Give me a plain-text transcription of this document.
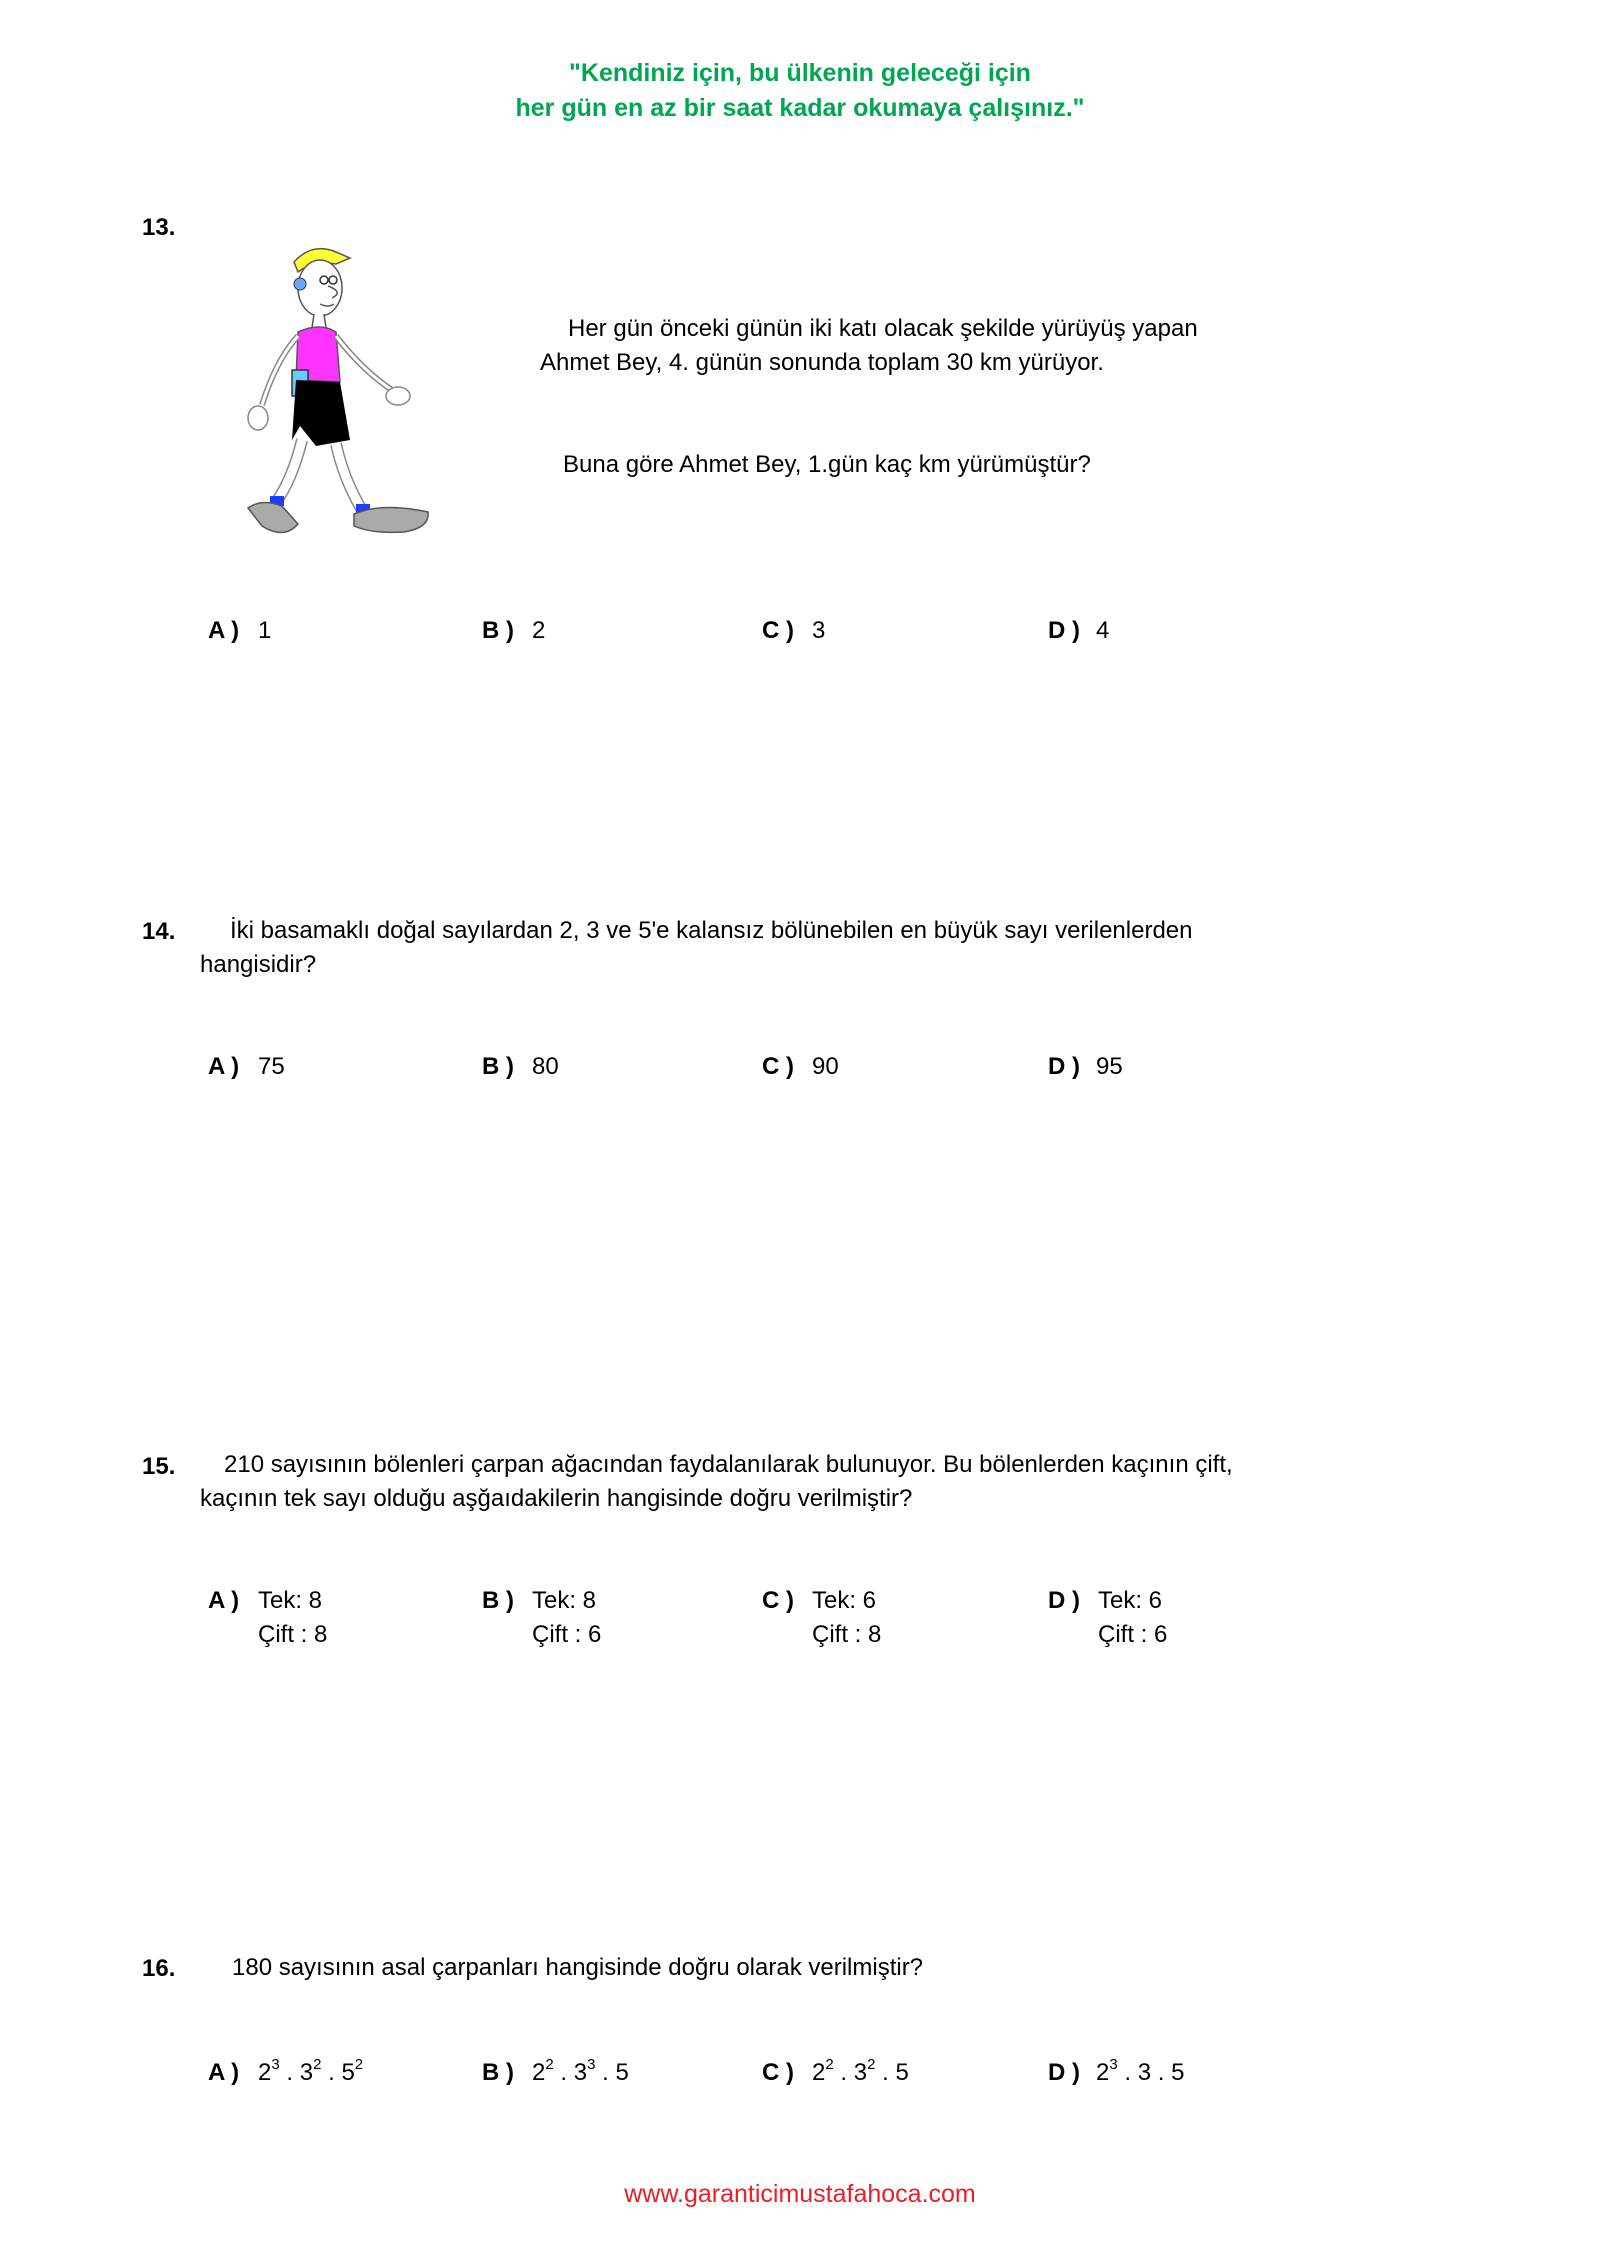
"Kendiniz için, bu ülkenin geleceği için
her gün en az bir saat kadar okumaya çalışınız."
13.
Her gün önceki günün iki katı olacak şekilde yürüyüş yapan
Ahmet Bey, 4. günün sonunda toplam 30 km yürüyor.
Buna göre Ahmet Bey, 1.gün kaç km yürümüştür?
A ) 1	B ) 2	C ) 3	D ) 4
14.	İki basamaklı doğal sayılardan 2, 3 ve 5'e kalansız bölünebilen en büyük sayı verilenlerden
hangisidir?
A ) 75	B ) 80	C ) 90	D ) 95
15.	210 sayısının bölenleri çarpan ağacından faydalanılarak bulunuyor. Bu bölenlerden kaçının çift,
kaçının tek sayı olduğu aşğaıdakilerin hangisinde doğru verilmiştir?
A ) Tek: 8
Çift : 8
B ) Tek: 8
Çift : 6
C ) Tek: 6
Çift : 8
D ) Tek: 6
Çift : 6
16. 180 sayısının asal çarpanları hangisinde doğru olarak verilmiştir?
A ) $2^3$ . $3^2$ . $5^2$	B ) $2^2$ . $3^3$ . 5	C ) $2^2$ . $3^2$ . 5	D ) $2^3$ . 3 . 5
www.garanticimustafahoca.com
